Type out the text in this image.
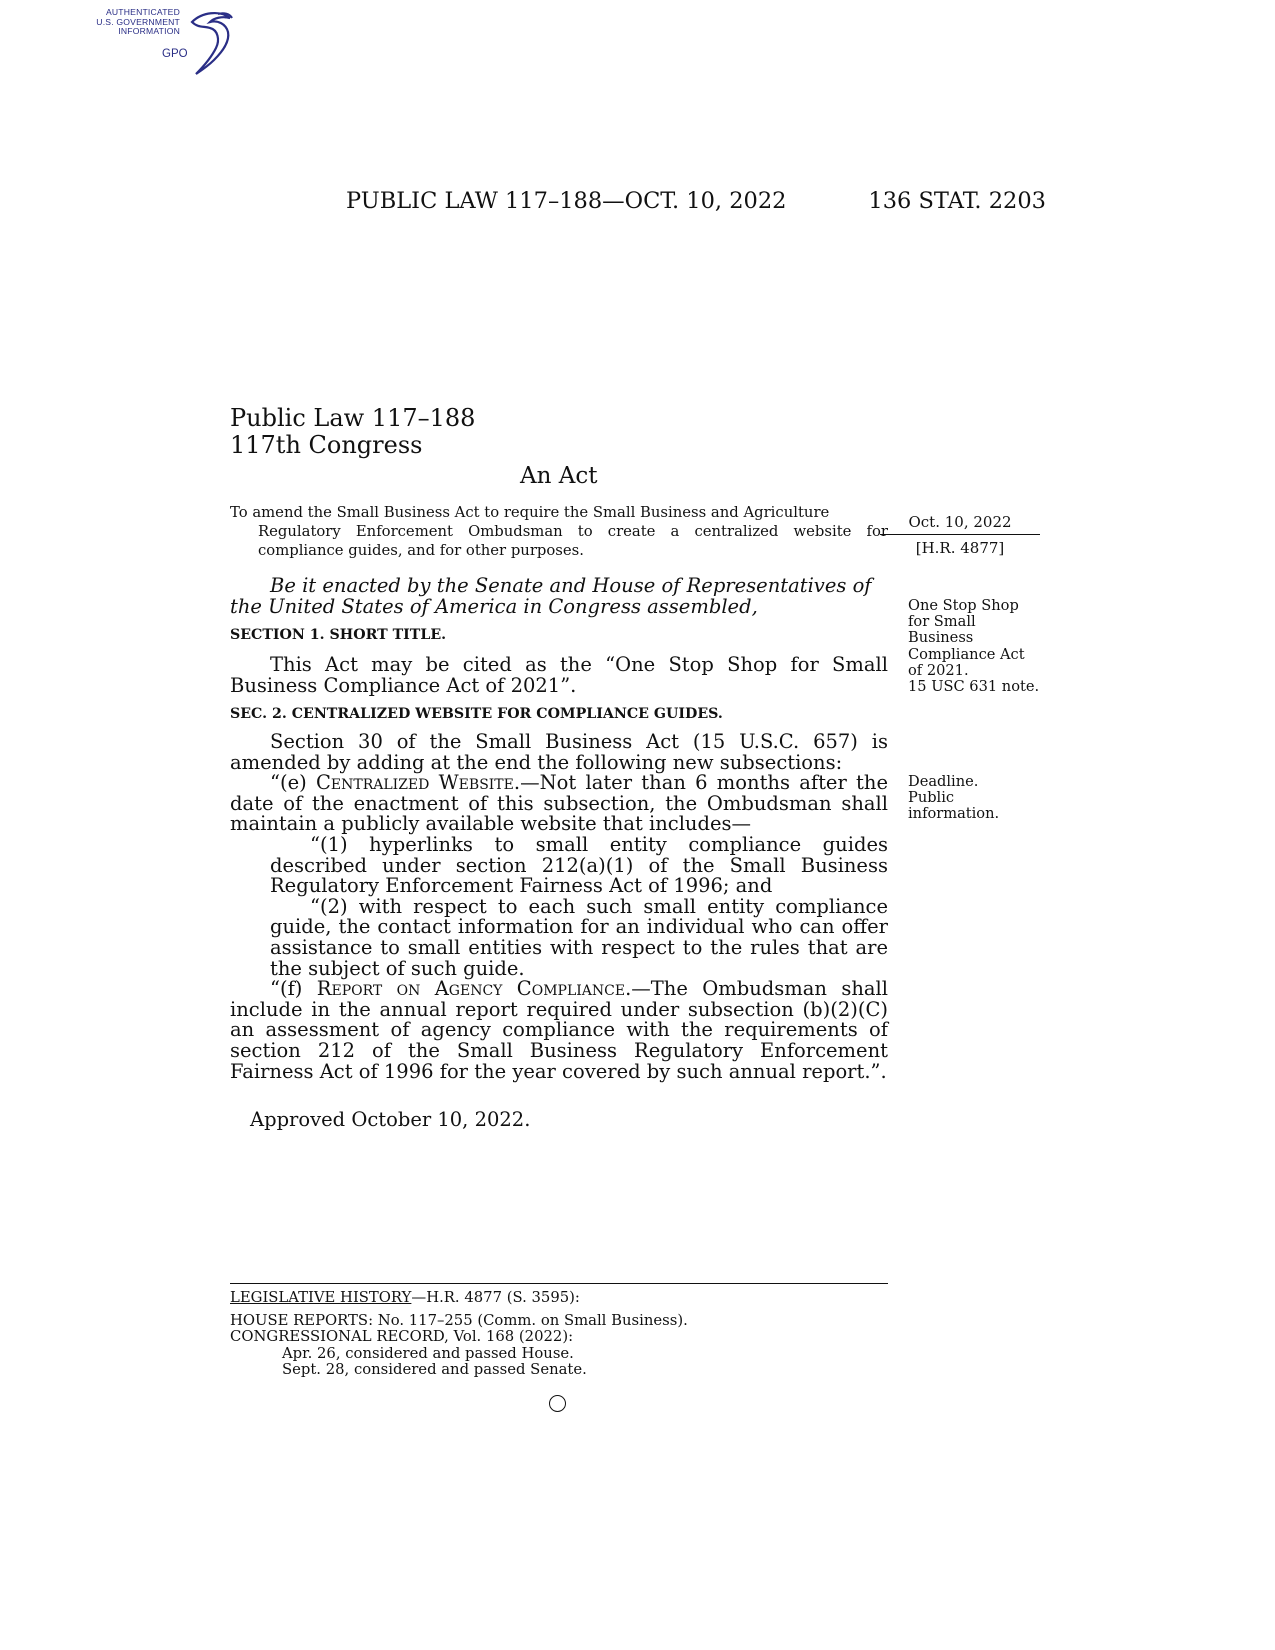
AUTHENTICATED
U.S. GOVERNMENT
INFORMATION
GPO
PUBLIC LAW 117–188—OCT. 10, 2022	136 STAT. 2203
Public Law 117–188
117th Congress
An Act
To amend the Small Business Act to require the Small Business and Agriculture
Regulatory Enforcement Ombudsman to create a centralized website for compliance guides, and for other purposes.
Oct. 10, 2022
[H.R. 4877]
Be it enacted by the Senate and House of Representatives of
the United States of America in Congress assembled,
SECTION 1. SHORT TITLE.

This Act may be cited as the “One Stop Shop for Small Business Compliance Act of 2021”.

SEC. 2. CENTRALIZED WEBSITE FOR COMPLIANCE GUIDES.

Section 30 of the Small Business Act (15 U.S.C. 657) is amended by adding at the end the following new subsections:

“(e) Centralized Website.—Not later than 6 months after the date of the enactment of this subsection, the Ombudsman shall maintain a publicly available website that includes—

“(1) hyperlinks to small entity compliance guides described under section 212(a)(1) of the Small Business Regulatory Enforcement Fairness Act of 1996; and

“(2) with respect to each such small entity compliance guide, the contact information for an individual who can offer assistance to small entities with respect to the rules that are the subject of such guide.

“(f) Report on Agency Compliance.—The Ombudsman shall include in the annual report required under subsection (b)(2)(C) an assessment of agency compliance with the requirements of section 212 of the Small Business Regulatory Enforcement Fairness Act of 1996 for the year covered by such annual report.”.

Approved October 10, 2022.
One Stop Shop
for Small
Business
Compliance Act
of 2021.
15 USC 631 note.
Deadline.
Public
information.
LEGISLATIVE HISTORY—H.R. 4877 (S. 3595):
HOUSE REPORTS: No. 117–255 (Comm. on Small Business).
CONGRESSIONAL RECORD, Vol. 168 (2022):
Apr. 26, considered and passed House.
Sept. 28, considered and passed Senate.
